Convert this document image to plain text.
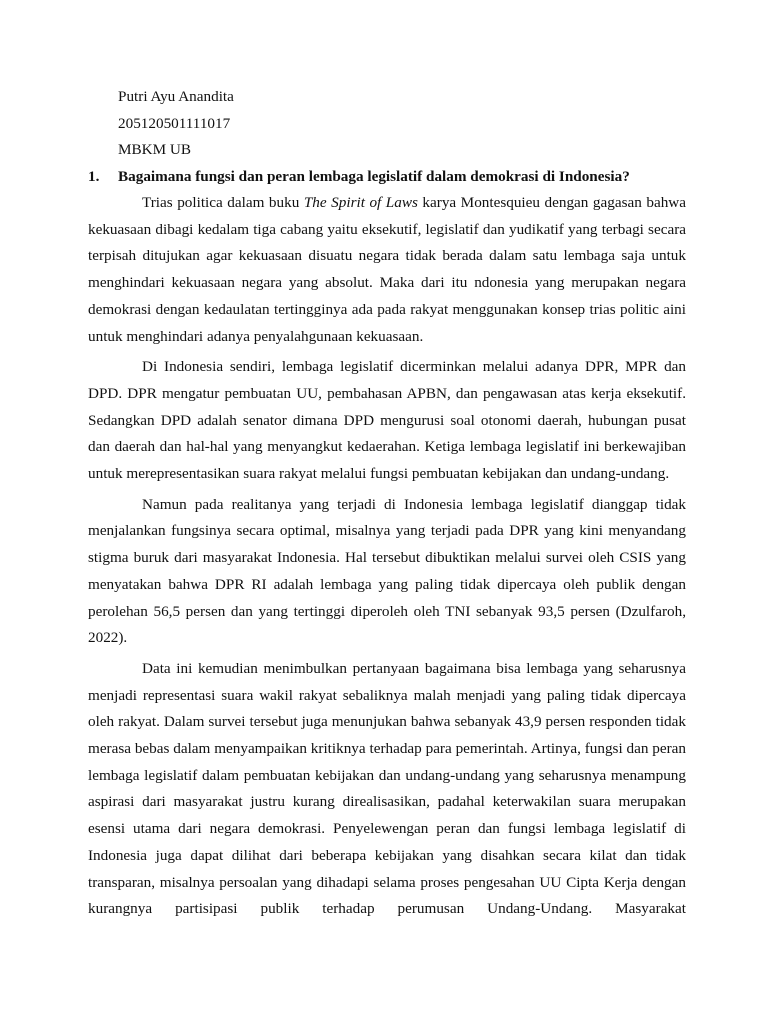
Putri Ayu Anandita
205120501111017
MBKM UB
1.	Bagaimana fungsi dan peran lembaga legislatif dalam demokrasi di Indonesia?

Trias politica dalam buku The Spirit of Laws karya Montesquieu dengan gagasan bahwa kekuasaan dibagi kedalam tiga cabang yaitu eksekutif, legislatif dan yudikatif yang terbagi secara terpisah ditujukan agar kekuasaan disuatu negara tidak berada dalam satu lembaga saja untuk menghindari kekuasaan negara yang absolut. Maka dari itu ndonesia yang merupakan negara demokrasi dengan kedaulatan tertingginya ada pada rakyat menggunakan konsep trias politic aini untuk menghindari adanya penyalahgunaan kekuasaan.

Di Indonesia sendiri, lembaga legislatif dicerminkan melalui adanya DPR, MPR dan DPD. DPR mengatur pembuatan UU, pembahasan APBN, dan pengawasan atas kerja eksekutif. Sedangkan DPD adalah senator dimana DPD mengurusi soal otonomi daerah, hubungan pusat dan daerah dan hal-hal yang menyangkut kedaerahan. Ketiga lembaga legislatif ini berkewajiban untuk merepresentasikan suara rakyat melalui fungsi pembuatan kebijakan dan undang-undang.

Namun pada realitanya yang terjadi di Indonesia lembaga legislatif dianggap tidak menjalankan fungsinya secara optimal, misalnya yang terjadi pada DPR yang kini menyandang stigma buruk dari masyarakat Indonesia. Hal tersebut dibuktikan melalui survei oleh CSIS yang menyatakan bahwa DPR RI adalah lembaga yang paling tidak dipercaya oleh publik dengan perolehan 56,5 persen dan yang tertinggi diperoleh oleh TNI sebanyak 93,5 persen (Dzulfaroh, 2022).

Data ini kemudian menimbulkan pertanyaan bagaimana bisa lembaga yang seharusnya menjadi representasi suara wakil rakyat sebaliknya malah menjadi yang paling tidak dipercaya oleh rakyat. Dalam survei tersebut juga menunjukan bahwa sebanyak 43,9 persen responden tidak merasa bebas dalam menyampaikan kritiknya terhadap para pemerintah. Artinya, fungsi dan peran lembaga legislatif dalam pembuatan kebijakan dan undang-undang yang seharusnya menampung aspirasi dari masyarakat justru kurang direalisasikan, padahal keterwakilan suara merupakan esensi utama dari negara demokrasi. Penyelewengan peran dan fungsi lembaga legislatif di Indonesia juga dapat dilihat dari beberapa kebijakan yang disahkan secara kilat dan tidak transparan, misalnya persoalan yang dihadapi selama proses pengesahan UU Cipta Kerja dengan kurangnya partisipasi publik terhadap perumusan Undang-Undang. Masyarakat
